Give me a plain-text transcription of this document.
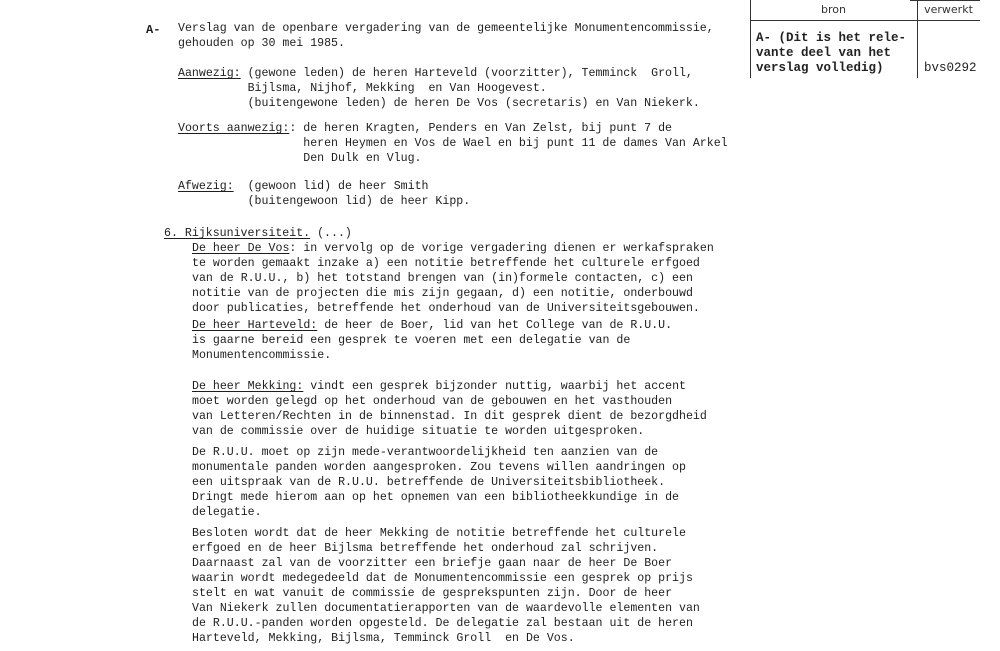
A-
bron	verwerkt
A- (Dit is het rele-
vante deel van het
verslag volledig)	bvs0292
Verslag van de openbare vergadering van de gemeentelijke Monumentencommissie,
gehouden op 30 mei 1985.
Aanwezig: (gewone leden) de heren Harteveld (voorzitter), Temminck  Groll,
Bijlsma, Nijhof, Mekking  en Van Hoogevest.
(buitengewone leden) de heren De Vos (secretaris) en Van Niekerk.
Voorts aanwezig:: de heren Kragten, Penders en Van Zelst, bij punt 7 de
heren Heymen en Vos de Wael en bij punt 11 de dames Van Arkel
Den Dulk en Vlug.
Afwezig:  (gewoon lid) de heer Smith
(buitengewoon lid) de heer Kipp.
6. Rijksuniversiteit. (...)
De heer De Vos: in vervolg op de vorige vergadering dienen er werkafspraken
te worden gemaakt inzake a) een notitie betreffende het culturele erfgoed
van de R.U.U., b) het totstand brengen van (in)formele contacten, c) een
notitie van de projecten die mis zijn gegaan, d) een notitie, onderbouwd
door publicaties, betreffende het onderhoud van de Universiteitsgebouwen.
De heer Harteveld: de heer de Boer, lid van het College van de R.U.U.
is gaarne bereid een gesprek te voeren met een delegatie van de
Monumentencommissie.
De heer Mekking: vindt een gesprek bijzonder nuttig, waarbij het accent
moet worden gelegd op het onderhoud van de gebouwen en het vasthouden
van Letteren/Rechten in de binnenstad. In dit gesprek dient de bezorgdheid
van de commissie over de huidige situatie te worden uitgesproken.
De R.U.U. moet op zijn mede-verantwoordelijkheid ten aanzien van de
monumentale panden worden aangesproken. Zou tevens willen aandringen op
een uitspraak van de R.U.U. betreffende de Universiteitsbibliotheek.
Dringt mede hierom aan op het opnemen van een bibliotheekkundige in de
delegatie.
Besloten wordt dat de heer Mekking de notitie betreffende het culturele
erfgoed en de heer Bijlsma betreffende het onderhoud zal schrijven.
Daarnaast zal van de voorzitter een briefje gaan naar de heer De Boer
waarin wordt medegedeeld dat de Monumentencommissie een gesprek op prijs
stelt en wat vanuit de commissie de gesprekspunten zijn. Door de heer
Van Niekerk zullen documentatierapporten van de waardevolle elementen van
de R.U.U.-panden worden opgesteld. De delegatie zal bestaan uit de heren
Harteveld, Mekking, Bijlsma, Temminck Groll  en De Vos.
